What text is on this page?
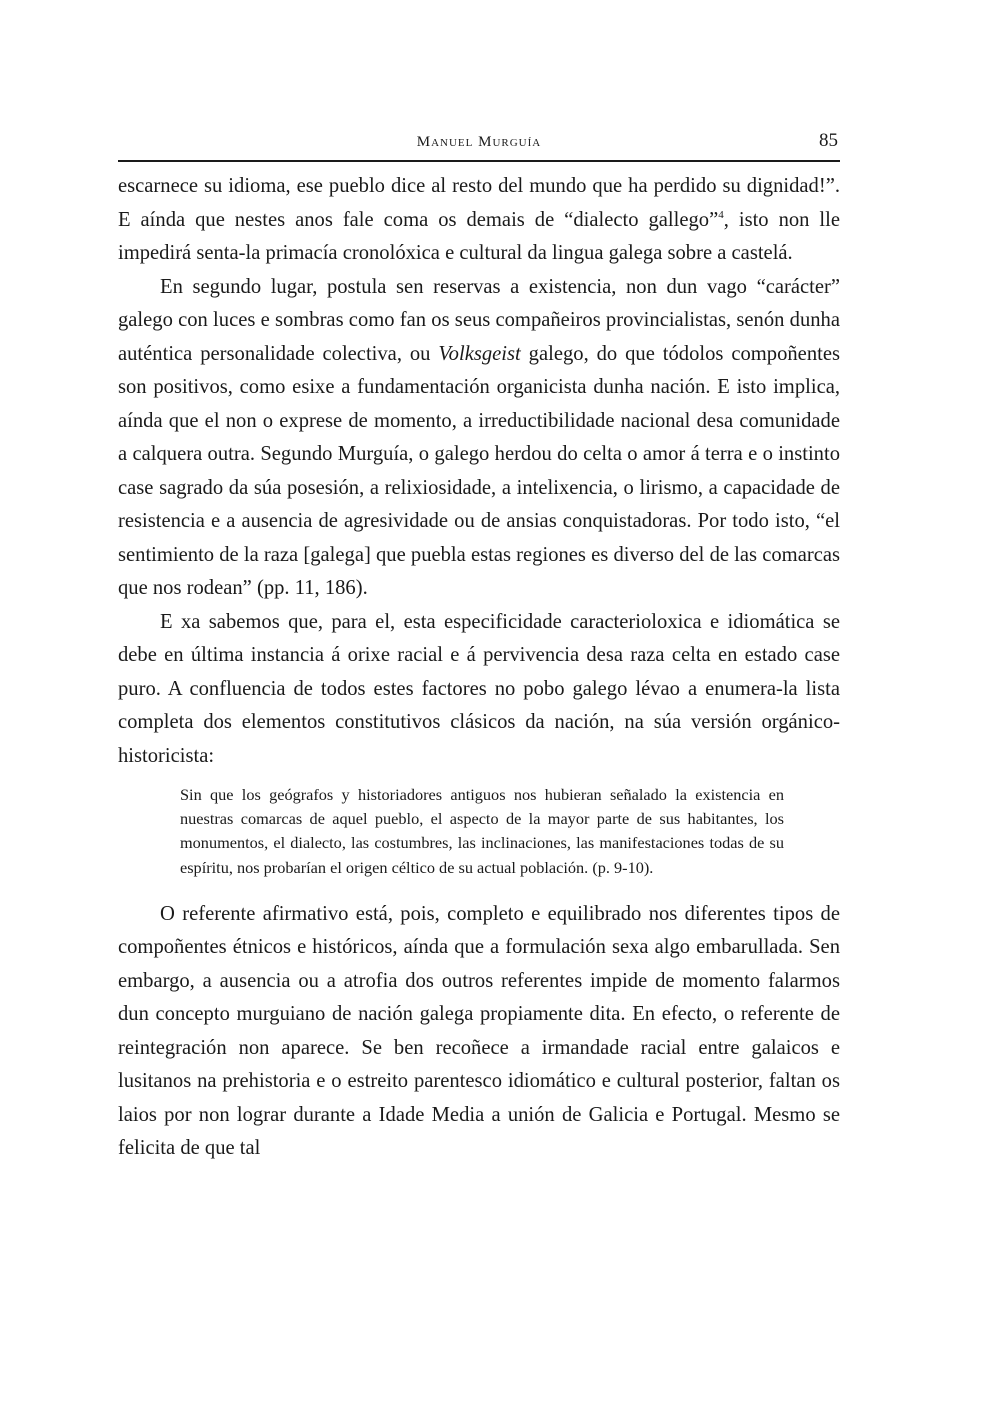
Manuel Murguía	85

escarnece su idioma, ese pueblo dice al resto del mundo que ha perdido su dignidad!”. E aínda que nestes anos fale coma os demais de “dialecto gallego”$^4$, isto non lle impedirá senta-la primacía cronolóxica e cultural da lingua galega sobre a castelá.

En segundo lugar, postula sen reservas a existencia, non dun vago “carácter” galego con luces e sombras como fan os seus compañeiros provincialistas, senón dunha auténtica personalidade colectiva, ou Volksgeist galego, do que tódolos compoñentes son positivos, como esixe a fundamentación organicista dunha nación. E isto implica, aínda que el non o exprese de momento, a irreductibilidade nacional desa comunidade a calquera outra. Segundo Murguía, o galego herdou do celta o amor á terra e o instinto case sagrado da súa posesión, a relixiosidade, a intelixencia, o lirismo, a capacidade de resistencia e a ausencia de agresividade ou de ansias conquistadoras. Por todo isto, “el sentimiento de la raza [galega] que puebla estas regiones es diverso del de las comarcas que nos rodean” (pp. 11, 186).

E xa sabemos que, para el, esta especificidade caracterioloxica e idiomática se debe en última instancia á orixe racial e á pervivencia desa raza celta en estado case puro. A confluencia de todos estes factores no pobo galego lévao a enumera-la lista completa dos elementos constitutivos clásicos da nación, na súa versión orgánico-historicista:

Sin que los geógrafos y historiadores antiguos nos hubieran señalado la existencia en nuestras comarcas de aquel pueblo, el aspecto de la mayor parte de sus habitantes, los monumentos, el dialecto, las costumbres, las inclinaciones, las manifestaciones todas de su espíritu, nos probarían el origen céltico de su actual población. (p. 9-10).

O referente afirmativo está, pois, completo e equilibrado nos diferentes tipos de compoñentes étnicos e históricos, aínda que a formulación sexa algo embarullada. Sen embargo, a ausencia ou a atrofia dos outros referentes impide de momento falarmos dun concepto murguiano de nación galega propiamente dita. En efecto, o referente de reintegración non aparece. Se ben recoñece a irmandade racial entre galaicos e lusitanos na prehistoria e o estreito parentesco idiomático e cultural posterior, faltan os laios por non lograr durante a Idade Media a unión de Galicia e Portugal. Mesmo se felicita de que tal
